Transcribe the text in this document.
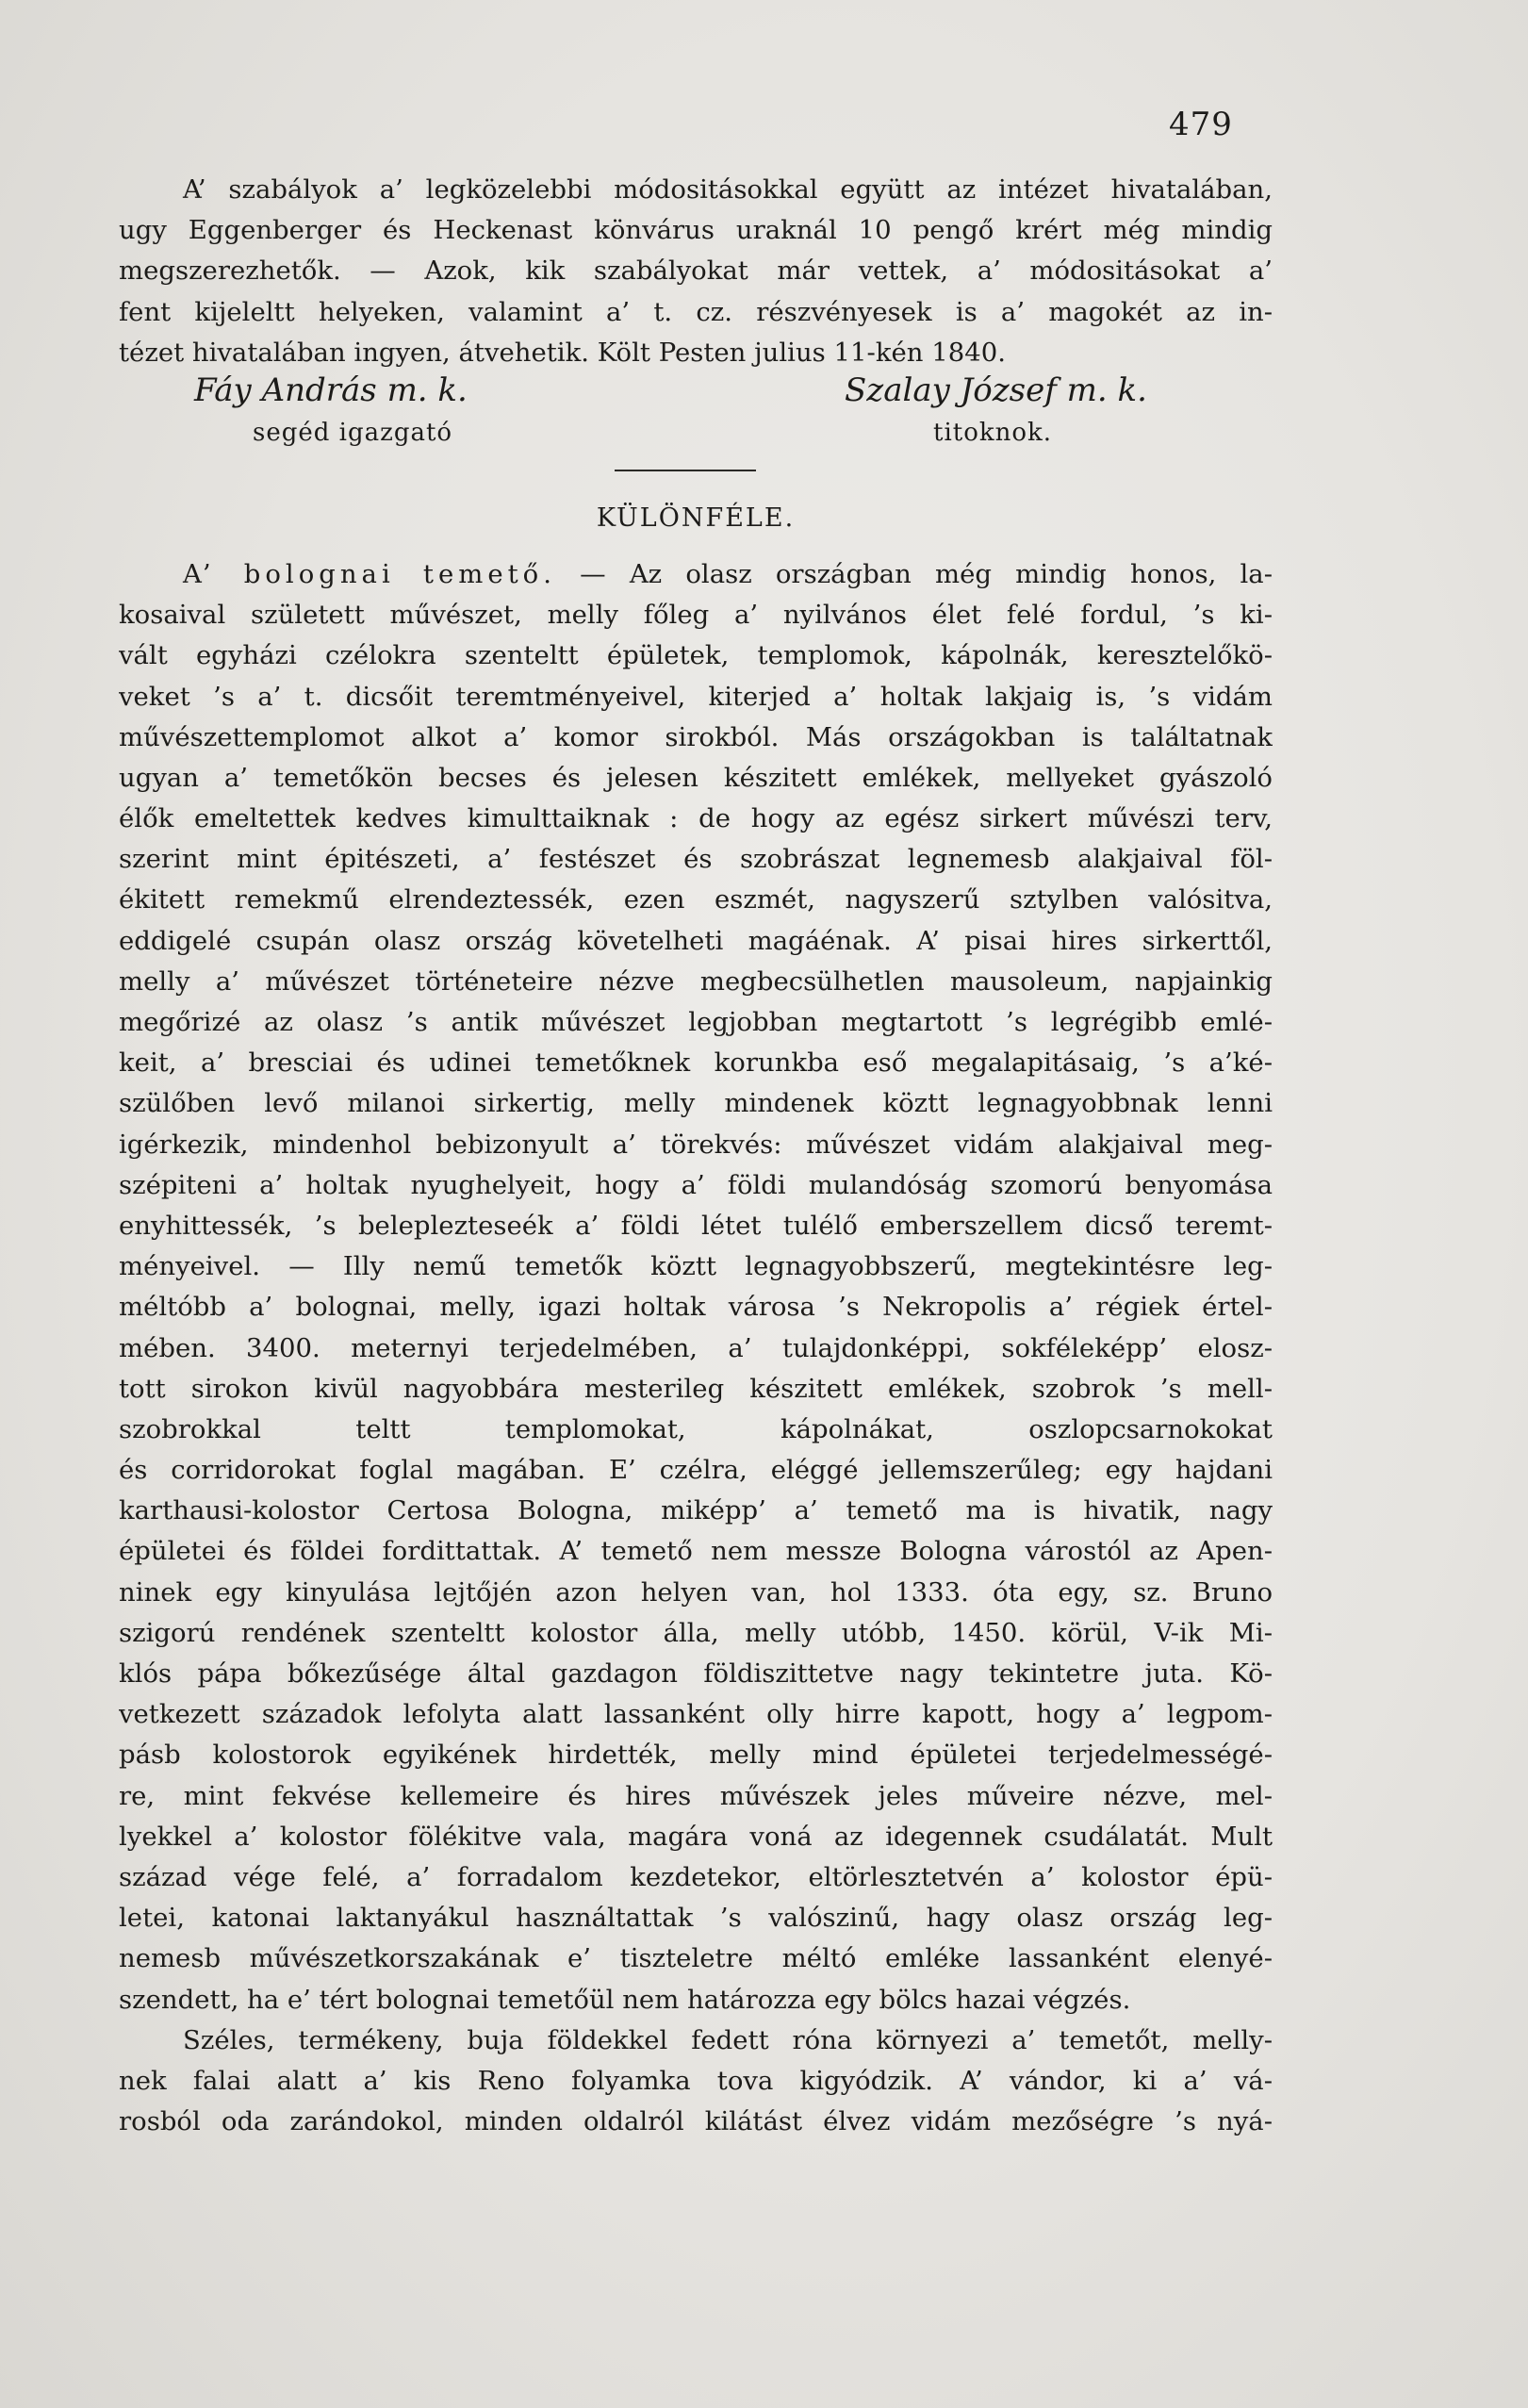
479
A’ szabályok a’ legközelebbi módositásokkal együtt az intézet hivatalában,
ugy Eggenberger és Heckenast könvárus uraknál 10 pengő krért még mindig
megszerezhetők. — Azok, kik szabályokat már vettek, a’ módositásokat a’
fent kijeleltt helyeken, valamint a’ t. cz. részvényesek is a’ magokét az in-
tézet hivatalában ingyen, átvehetik. Költ Pesten julius 11-kén 1840.
Fáy András m. k.	Szalay József m. k.
segéd igazgató	titoknok.
KÜLÖNFÉLE.
A’ bolognai temető. — Az olasz országban még mindig honos, la-
kosaival született művészet, melly főleg a’ nyilvános élet felé fordul, ’s ki-
vált egyházi czélokra szenteltt épületek, templomok, kápolnák, keresztelőkö-
veket ’s a’ t. dicsőit teremtményeivel, kiterjed a’ holtak lakjaig is, ’s vidám
művészettemplomot alkot a’ komor sirokból. Más országokban is találtatnak
ugyan a’ temetőkön becses és jelesen készitett emlékek, mellyeket gyászoló
élők emeltettek kedves kimulttaiknak : de hogy az egész sirkert művészi terv,
szerint mint épitészeti, a’ festészet és szobrászat legnemesb alakjaival föl-
ékitett remekmű elrendeztessék, ezen eszmét, nagyszerű sztylben valósitva,
eddigelé csupán olasz ország követelheti magáénak. A’ pisai hires sirkerttől,
melly a’ művészet történeteire nézve megbecsülhetlen mausoleum, napjainkig
megőrizé az olasz ’s antik művészet legjobban megtartott ’s legrégibb emlé-
keit, a’ bresciai és udinei temetőknek korunkba eső megalapitásaig, ’s a’ké-
szülőben levő milanoi sirkertig, melly mindenek köztt legnagyobbnak lenni
igérkezik, mindenhol bebizonyult a’ törekvés: művészet vidám alakjaival meg-
szépiteni a’ holtak nyughelyeit, hogy a’ földi mulandóság szomorú benyomása
enyhittessék, ’s beleplezteseék a’ földi létet tulélő emberszellem dicső teremt-
ményeivel. — Illy nemű temetők köztt legnagyobbszerű, megtekintésre leg-
méltóbb a’ bolognai, melly, igazi holtak városa ’s Nekropolis a’ régiek értel-
mében. 3400. meternyi terjedelmében, a’ tulajdonképpi, sokféleképp’ elosz-
tott sirokon kivül nagyobbára mesterileg készitett emlékek, szobrok ’s mell-
szobrokkal teltt templomokat, kápolnákat, oszlopcsarnokokat
és corridorokat foglal magában. E’ czélra, eléggé jellemszerűleg; egy hajdani
karthausi-kolostor Certosa Bologna, miképp’ a’ temető ma is hivatik, nagy
épületei és földei fordittattak. A’ temető nem messze Bologna várostól az Apen-
ninek egy kinyulása lejtőjén azon helyen van, hol 1333. óta egy, sz. Bruno
szigorú rendének szenteltt kolostor álla, melly utóbb, 1450. körül, V-ik Mi-
klós pápa bőkezűsége által gazdagon földiszittetve nagy tekintetre juta. Kö-
vetkezett századok lefolyta alatt lassanként olly hirre kapott, hogy a’ legpom-
pásb kolostorok egyikének hirdették, melly mind épületei terjedelmességé-
re, mint fekvése kellemeire és hires művészek jeles műveire nézve, mel-
lyekkel a’ kolostor fölékitve vala, magára voná az idegennek csudálatát. Mult
század vége felé, a’ forradalom kezdetekor, eltörlesztetvén a’ kolostor épü-
letei, katonai laktanyákul használtattak ’s valószinű, hagy olasz ország leg-
nemesb művészetkorszakának e’ tiszteletre méltó emléke lassanként elenyé-
szendett, ha e’ tért bolognai temetőül nem határozza egy bölcs hazai végzés.
Széles, termékeny, buja földekkel fedett róna környezi a’ temetőt, melly-
nek falai alatt a’ kis Reno folyamka tova kigyódzik. A’ vándor, ki a’ vá-
rosból oda zarándokol, minden oldalról kilátást élvez vidám mezőségre ’s nyá-
